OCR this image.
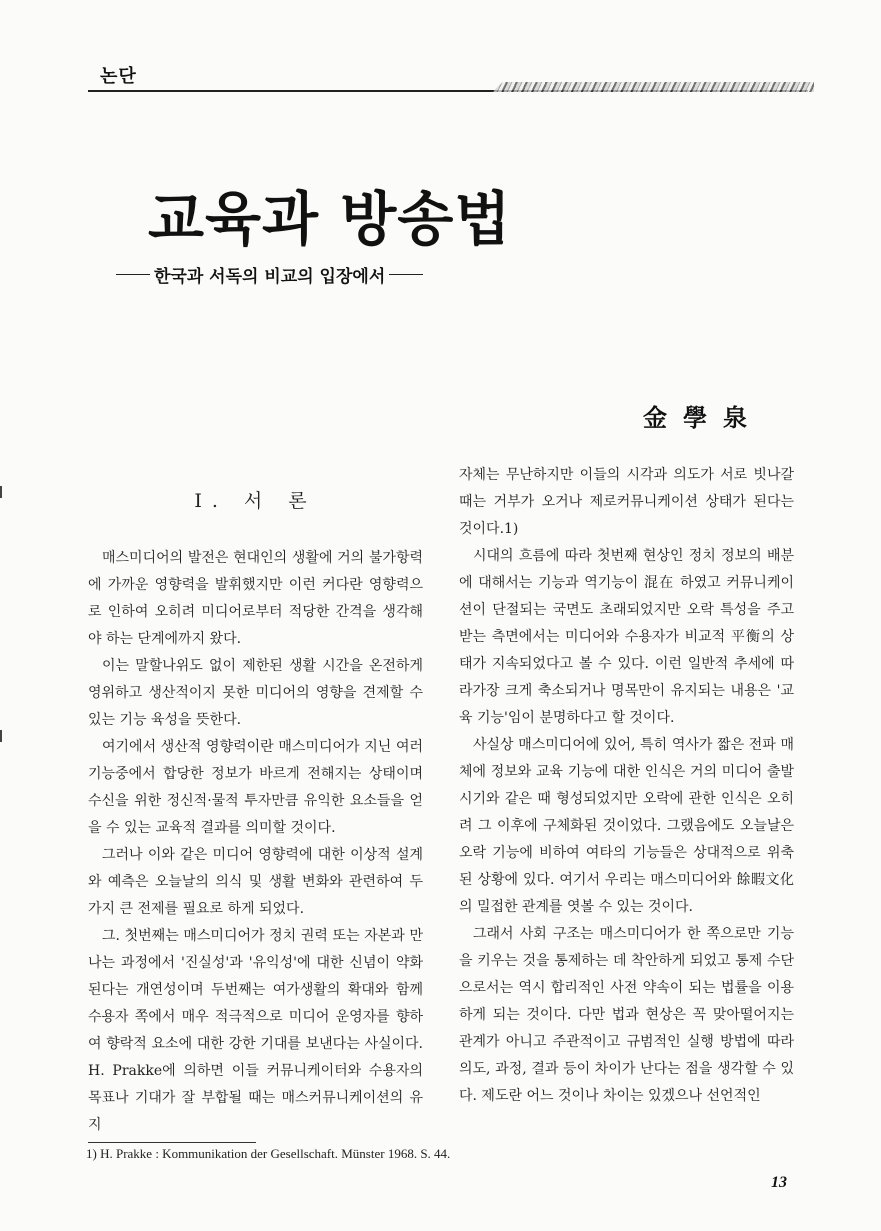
논단
교육과 방송법
한국과 서독의 비교의 입장에서
金學泉
Ⅰ. 서 론

매스미디어의 발전은 현대인의 생활에 거의 불가항력에 가까운 영향력을 발휘했지만 이런 커다란 영향력으로 인하여 오히려 미디어로부터 적당한 간격을 생각해야 하는 단계에까지 왔다.

이는 말할나위도 없이 제한된 생활 시간을 온전하게 영위하고 생산적이지 못한 미디어의 영향을 견제할 수 있는 기능 육성을 뜻한다.

여기에서 생산적 영향력이란 매스미디어가 지닌 여러 기능중에서 합당한 정보가 바르게 전해지는 상태이며 수신을 위한 정신적·물적 투자만큼 유익한 요소들을 얻을 수 있는 교육적 결과를 의미할 것이다.

그러나 이와 같은 미디어 영향력에 대한 이상적 설계와 예측은 오늘날의 의식 및 생활 변화와 관련하여 두 가지 큰 전제를 필요로 하게 되었다.

그. 첫번째는 매스미디어가 정치 권력 또는 자본과 만나는 과정에서 '진실성'과 '유익성'에 대한 신념이 약화된다는 개연성이며 두번째는 여가생활의 확대와 함께 수용자 쪽에서 매우 적극적으로 미디어 운영자를 향하여 향락적 요소에 대한 강한 기대를 보낸다는 사실이다. H. Prakke에 의하면 이들 커뮤니케이터와 수용자의 목표나 기대가 잘 부합될 때는 매스커뮤니케이션의 유지

자체는 무난하지만 이들의 시각과 의도가 서로 빗나갈 때는 거부가 오거나 제로커뮤니케이션 상태가 된다는 것이다.1)

시대의 흐름에 따라 첫번째 현상인 정치 정보의 배분에 대해서는 기능과 역기능이 混在 하였고 커뮤니케이션이 단절되는 국면도 초래되었지만 오락 특성을 주고 받는 측면에서는 미디어와 수용자가 비교적 平衡의 상태가 지속되었다고 볼 수 있다. 이런 일반적 추세에 따라가장 크게 축소되거나 명목만이 유지되는 내용은 '교육 기능'임이 분명하다고 할 것이다.

사실상 매스미디어에 있어, 특히 역사가 짧은 전파 매체에 정보와 교육 기능에 대한 인식은 거의 미디어 출발 시기와 같은 때 형성되었지만 오락에 관한 인식은 오히려 그 이후에 구체화된 것이었다. 그랬음에도 오늘날은 오락 기능에 비하여 여타의 기능들은 상대적으로 위축된 상황에 있다. 여기서 우리는 매스미디어와 餘暇文化의 밀접한 관계를 엿볼 수 있는 것이다.

그래서 사회 구조는 매스미디어가 한 쪽으로만 기능을 키우는 것을 통제하는 데 착안하게 되었고 통제 수단으로서는 역시 합리적인 사전 약속이 되는 법률을 이용하게 되는 것이다. 다만 법과 현상은 꼭 맞아떨어지는 관계가 아니고 주관적이고 규범적인 실행 방법에 따라 의도, 과정, 결과 등이 차이가 난다는 점을 생각할 수 있다. 제도란 어느 것이나 차이는 있겠으나 선언적인

1) H. Prakke : Kommunikation der Gesellschaft. Münster 1968. S. 44.
13
